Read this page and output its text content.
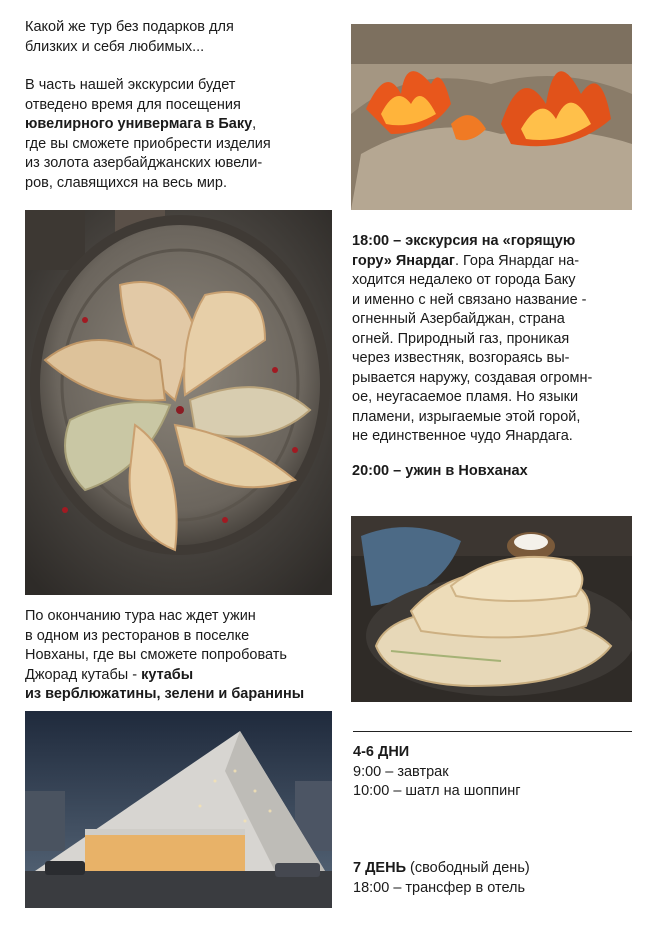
Какой же тур без подарков для

близких и себя любимых...

В часть нашей экскурсии будет

отведено время для посещения

ювелирного универмага в Баку,

где вы сможете приобрести изделия

из золота азербайджанских ювели-

ров, славящихся на весь мир.

По окончанию тура нас ждет ужин

в одном из ресторанов в поселке

Новханы, где вы сможете попробовать

Джорад кутабы - кутабы

из верблюжатины, зелени и баранины

18:00 – экскурсия на «горящую

гору» Янардаг. Гора Янардаг на-

ходится недалеко от города Баку

и именно с ней связано название -

огненный Азербайджан, страна

огней. Природный газ, проникая

через известняк, возгораясь вы-

рывается наружу, создавая огромн-

ое, неугасаемое пламя. Но языки

пламени, изрыгаемые этой горой,

не единственное чудо Янардага.

20:00 – ужин в Новханах

4-6 ДНИ

9:00 – завтрак

10:00 – шатл на шоппинг

7 ДЕНЬ (свободный день)

18:00 – трансфер в отель
